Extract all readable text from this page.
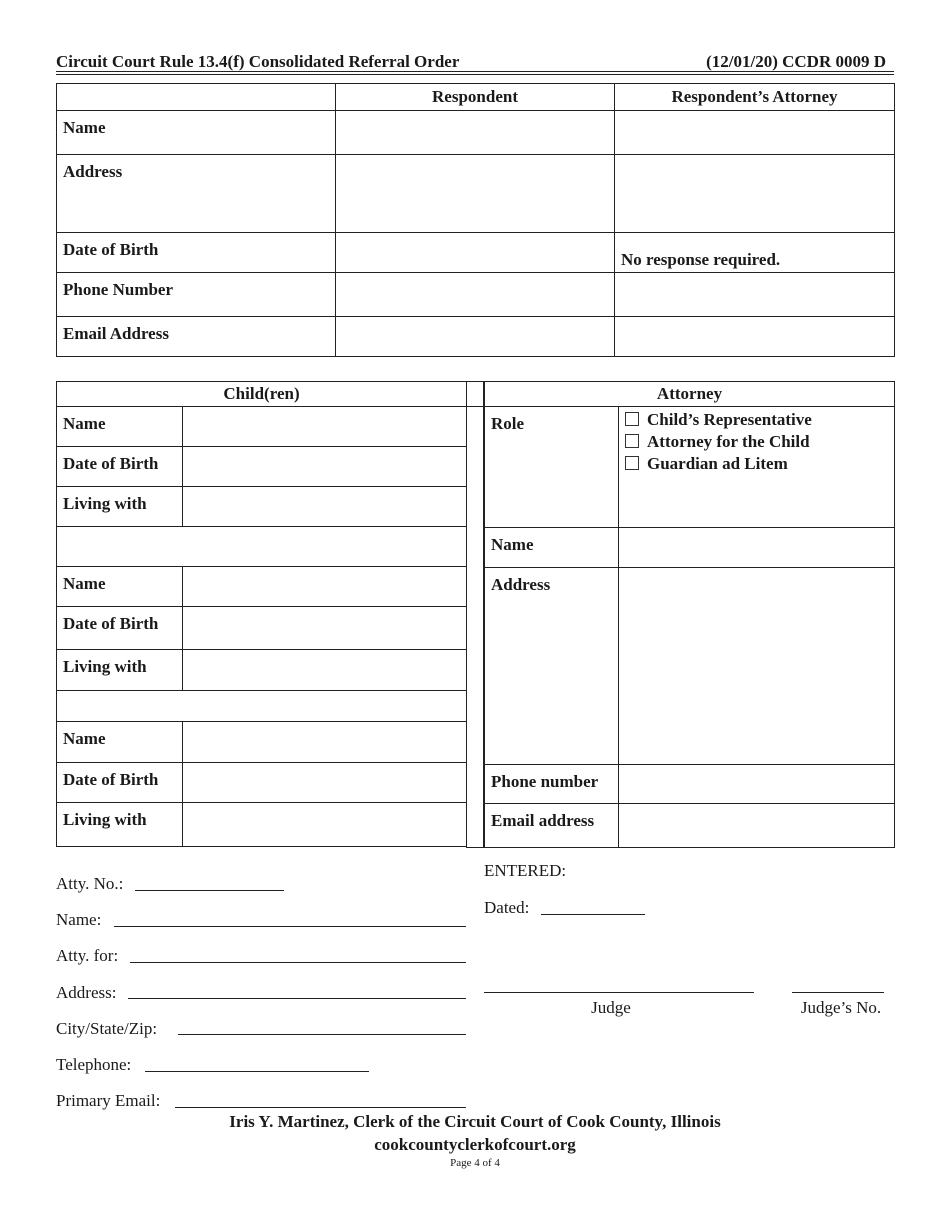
Circuit Court Rule 13.4(f) Consolidated Referral Order	(12/01/20) CCDR 0009 D
	Respondent	Respondent’s Attorney
Name		
Address		
Date of Birth		No response required.
Phone Number		
Email Address		
Child(ren)	
Name	
Date of Birth	
Living with	

Name	
Date of Birth	
Living with	

Name	
Date of Birth	
Living with	

Attorney	
Role	Child’s Representative
Attorney for the Child
Guardian ad Litem

Name	
Address	
Phone number	
Email address	
Atty. No.:
Name:
Atty. for:
Address:
City/State/Zip:
Telephone:
Primary Email:
ENTERED:
Dated:
Judge	Judge’s No.
Iris Y. Martinez, Clerk of the Circuit Court of Cook County, Illinois
cookcountyclerkofcourt.org
Page 4 of 4
